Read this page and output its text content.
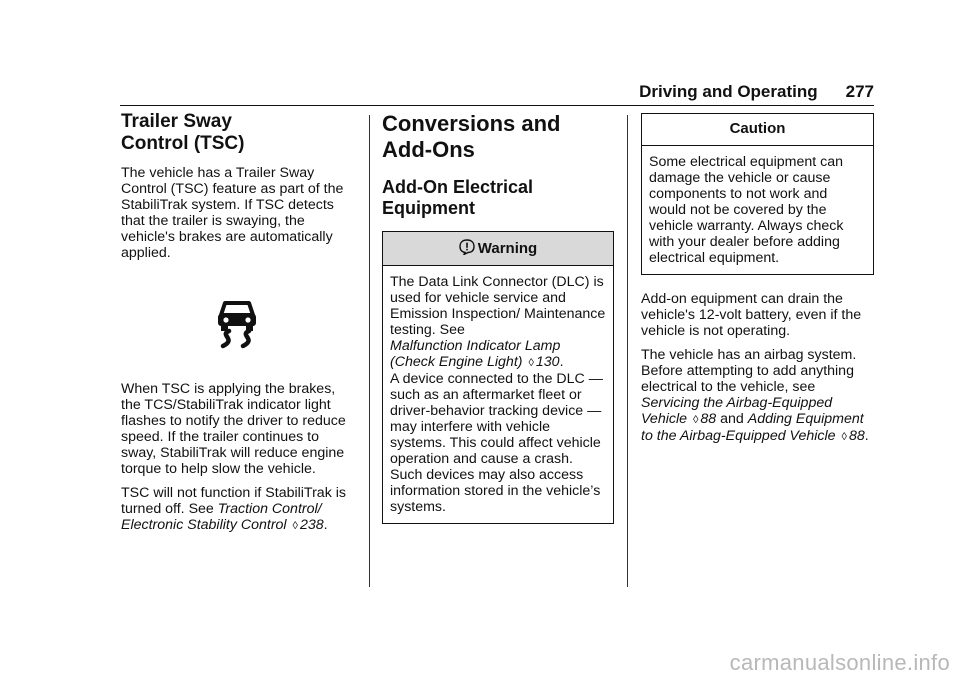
Driving and Operating 277
Trailer Sway
Control (TSC)

The vehicle has a Trailer Sway Control (TSC) feature as part of the StabiliTrak system. If TSC detects that the trailer is swaying, the vehicle's brakes are automatically applied.

When TSC is applying the brakes, the TCS/StabiliTrak indicator light flashes to notify the driver to reduce speed. If the trailer continues to sway, StabiliTrak will reduce engine torque to help slow the vehicle.

TSC will not function if StabiliTrak is turned off. See Traction Control/ Electronic Stability Control ◊ 238.

Conversions and
Add-Ons
Add-On Electrical
Equipment
Warning
The Data Link Connector (DLC) is used for vehicle service and Emission Inspection/ Maintenance testing. See
Malfunction Indicator Lamp (Check Engine Light) ◊ 130.
A device connected to the DLC — such as an aftermarket fleet or driver-behavior tracking device — may interfere with vehicle systems. This could affect vehicle operation and cause a crash. Such devices may also access information stored in the vehicle’s systems.
Caution
Some electrical equipment can damage the vehicle or cause components to not work and would not be covered by the vehicle warranty. Always check with your dealer before adding electrical equipment.

Add-on equipment can drain the vehicle's 12-volt battery, even if the vehicle is not operating.

The vehicle has an airbag system. Before attempting to add anything electrical to the vehicle, see
Servicing the Airbag-Equipped Vehicle ◊ 88 and Adding Equipment to the Airbag-Equipped Vehicle ◊ 88.

carmanualsonline.info
